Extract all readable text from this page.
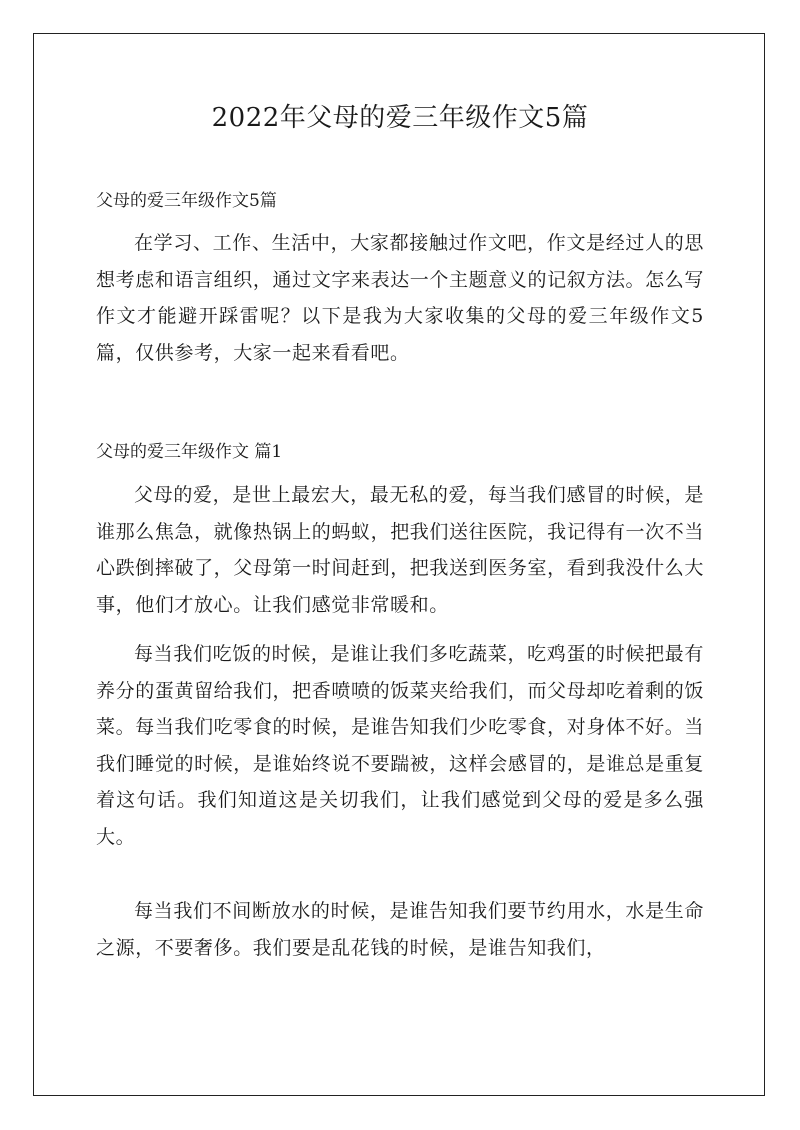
2022年父母的爱三年级作文5篇
父母的爱三年级作文5篇

在学习、工作、生活中，大家都接触过作文吧，作文是经过人的思想考虑和语言组织，通过文字来表达一个主题意义的记叙方法。怎么写作文才能避开踩雷呢？以下是我为大家收集的父母的爱三年级作文5篇，仅供参考，大家一起来看看吧。

父母的爱三年级作文 篇1

父母的爱，是世上最宏大，最无私的爱，每当我们感冒的时候，是谁那么焦急，就像热锅上的蚂蚁，把我们送往医院，我记得有一次不当心跌倒摔破了，父母第一时间赶到，把我送到医务室，看到我没什么大事，他们才放心。让我们感觉非常暖和。

每当我们吃饭的时候，是谁让我们多吃蔬菜，吃鸡蛋的时候把最有养分的蛋黄留给我们，把香喷喷的饭菜夹给我们，而父母却吃着剩的饭菜。每当我们吃零食的时候，是谁告知我们少吃零食，对身体不好。当我们睡觉的时候，是谁始终说不要踹被，这样会感冒的，是谁总是重复着这句话。我们知道这是关切我们，让我们感觉到父母的爱是多么强大。

每当我们不间断放水的时候，是谁告知我们要节约用水，水是生命之源，不要奢侈。我们要是乱花钱的时候，是谁告知我们，
